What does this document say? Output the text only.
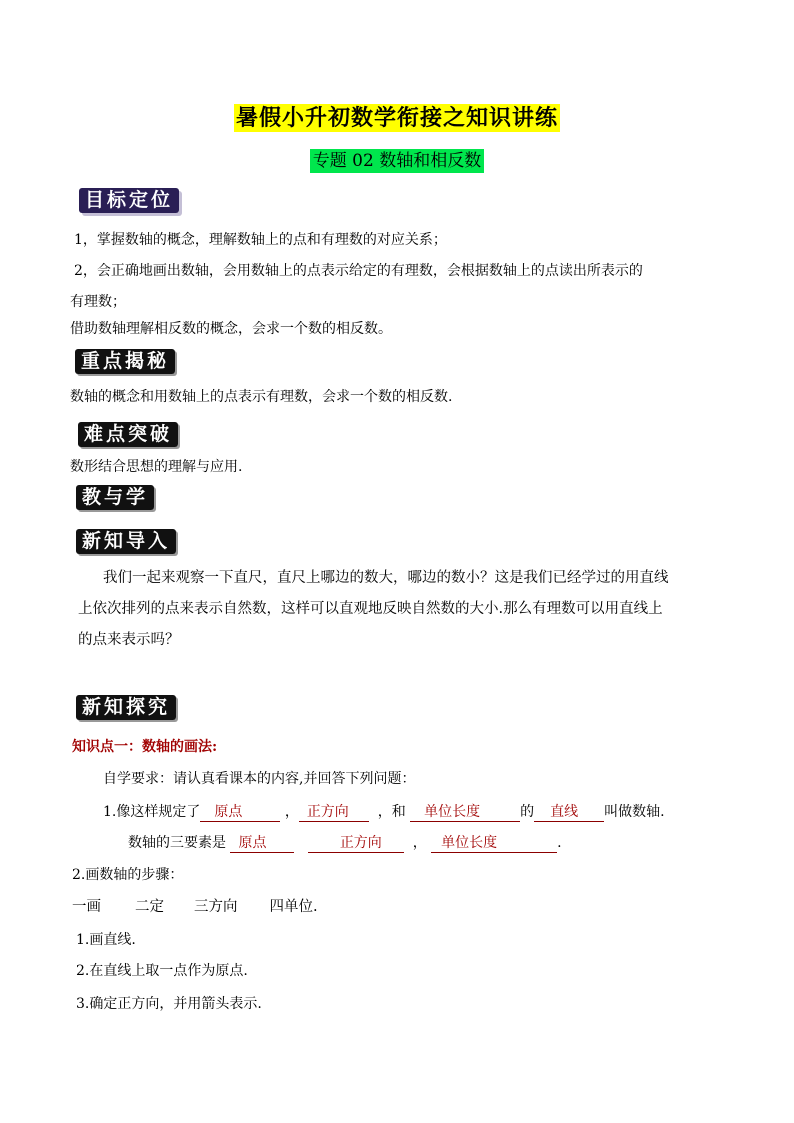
暑假小升初数学衔接之知识讲练
专题 02 数轴和相反数
目标定位
1，掌握数轴的概念，理解数轴上的点和有理数的对应关系；
2，会正确地画出数轴，会用数轴上的点表示给定的有理数，会根据数轴上的点读出所表示的
有理数；
借助数轴理解相反数的概念，会求一个数的相反数。
重点揭秘
数轴的概念和用数轴上的点表示有理数，会求一个数的相反数.
难点突破
数形结合思想的理解与应用.
教与学
新知导入
我们一起来观察一下直尺，直尺上哪边的数大，哪边的数小？这是我们已经学过的用直线
上依次排列的点来表示自然数，这样可以直观地反映自然数的大小.那么有理数可以用直线上
的点来表示吗？
新知探究
知识点一：数轴的画法:
自学要求：请认真看课本的内容,并回答下列问题：
1.像这样规定了 原点	， 正方向 ，和 单位长度	的 直线 叫做数轴.
数轴的三要素是 原点	正方向 ， 单位长度	.
2.画数轴的步骤：
一画 二定 三方向 四单位.
1.画直线.
2.在直线上取一点作为原点.
3.确定正方向，并用箭头表示.
